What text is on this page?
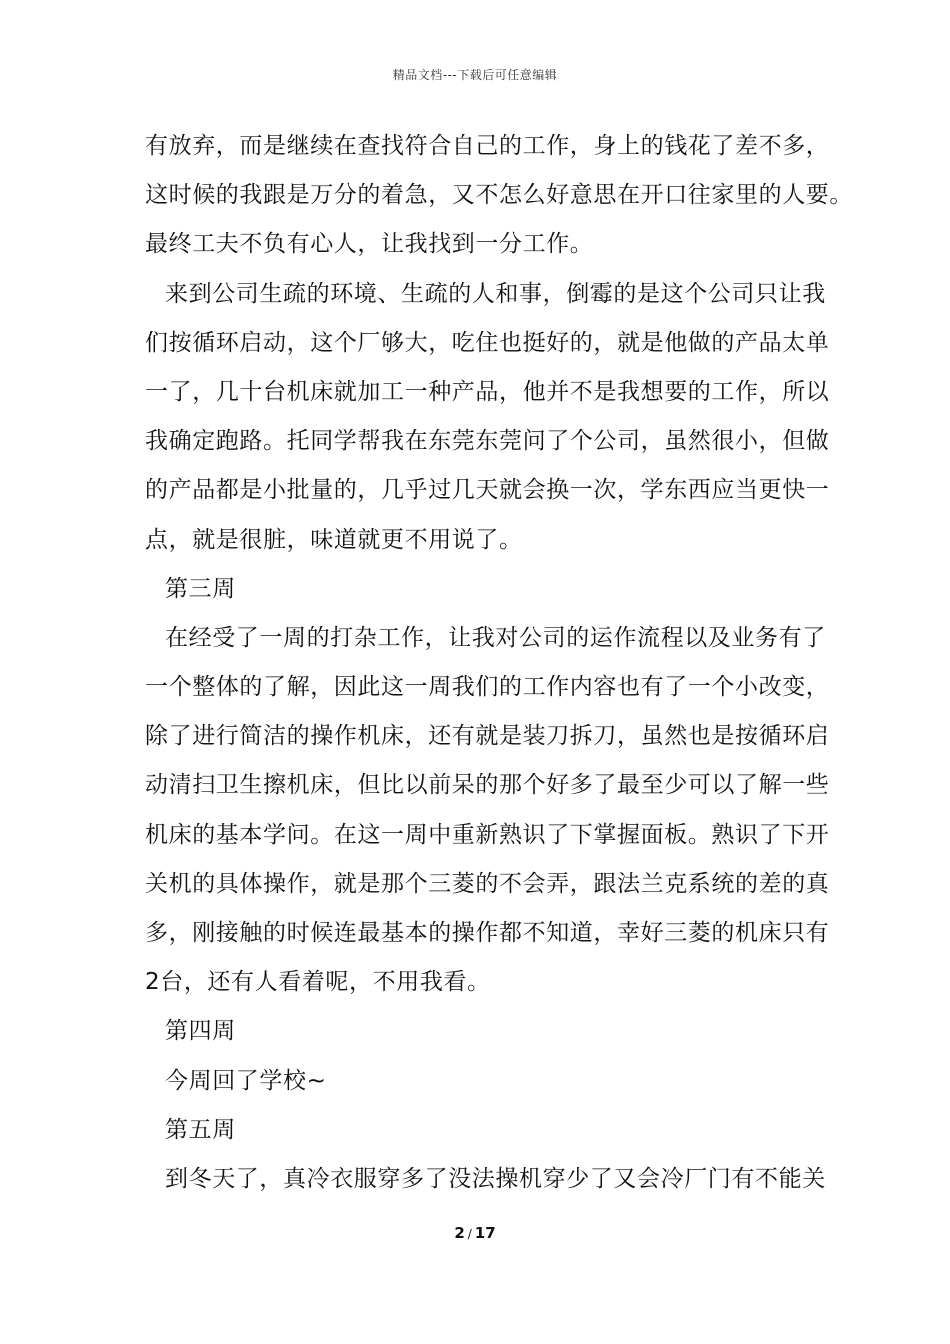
精品文档---下载后可任意编辑
有放弃，而是继续在查找符合自己的工作，身上的钱花了差不多，
这时候的我跟是万分的着急，又不怎么好意思在开口往家里的人要。
最终工夫不负有心人，让我找到一分工作。
来到公司生疏的环境、生疏的人和事，倒霉的是这个公司只让我
们按循环启动，这个厂够大，吃住也挺好的，就是他做的产品太单
一了，几十台机床就加工一种产品，他并不是我想要的工作，所以
我确定跑路。托同学帮我在东莞东莞问了个公司，虽然很小，但做
的产品都是小批量的，几乎过几天就会换一次，学东西应当更快一
点，就是很脏，味道就更不用说了。
第三周
在经受了一周的打杂工作，让我对公司的运作流程以及业务有了
一个整体的了解，因此这一周我们的工作内容也有了一个小改变，
除了进行简洁的操作机床，还有就是装刀拆刀，虽然也是按循环启
动清扫卫生擦机床，但比以前呆的那个好多了最至少可以了解一些
机床的基本学问。在这一周中重新熟识了下掌握面板。熟识了下开
关机的具体操作，就是那个三菱的不会弄，跟法兰克系统的差的真
多，刚接触的时候连最基本的操作都不知道，幸好三菱的机床只有
2台，还有人看着呢，不用我看。
第四周
今周回了学校~
第五周
到冬天了，真冷衣服穿多了没法操机穿少了又会冷厂门有不能关
2 / 17
